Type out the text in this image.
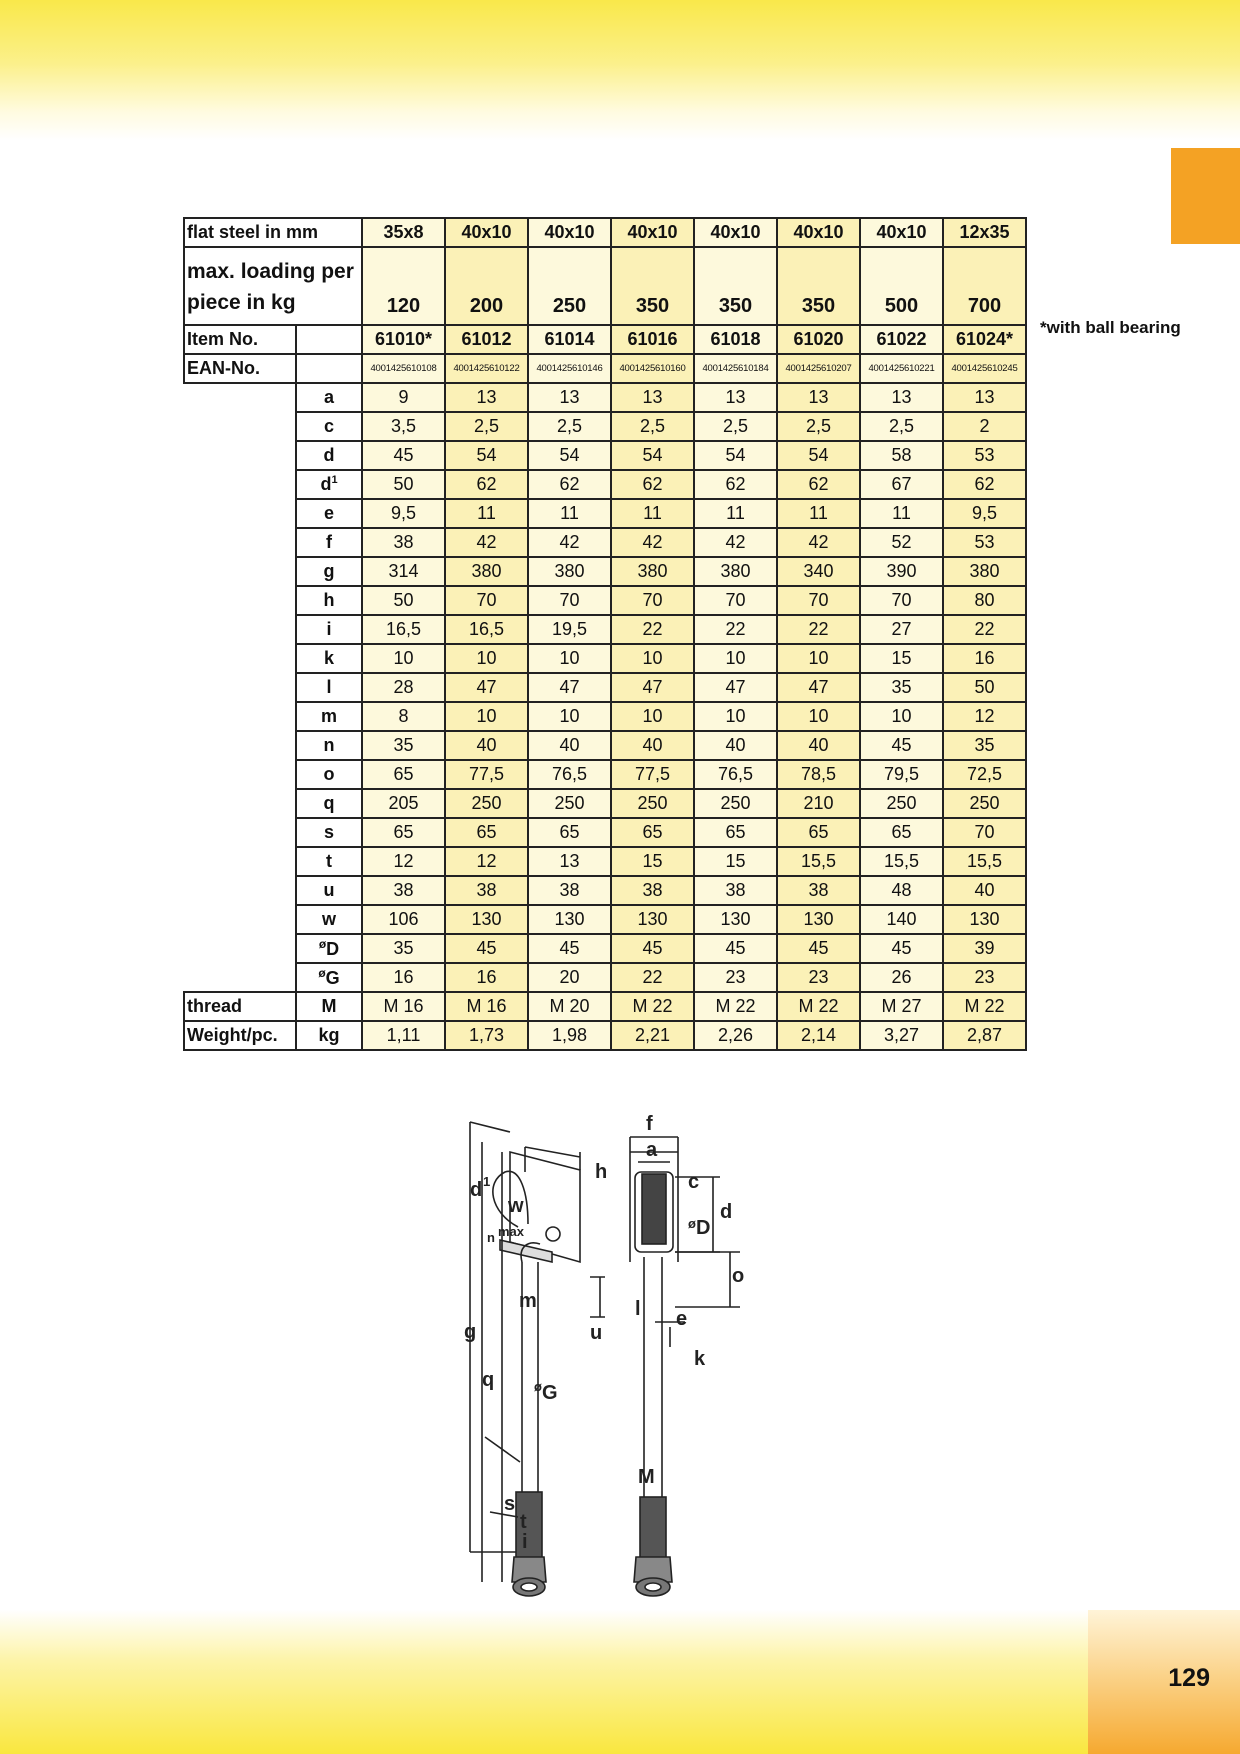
129
*with ball bearing
flat steel in mm		35x8	40x10	40x10	40x10	40x10	40x10	40x10	12x35
max. loading per piece in kg		120	200	250	350	350	350	500	700
Item No.		61010*	61012	61014	61016	61018	61020	61022	61024*
EAN-No.		4001425610108	4001425610122	4001425610146	4001425610160	4001425610184	4001425610207	4001425610221	4001425610245
	a	9	13	13	13	13	13	13	13
	c	3,5	2,5	2,5	2,5	2,5	2,5	2,5	2
	d	45	54	54	54	54	54	58	53
	$d^1$	50	62	62	62	62	62	67	62
	e	9,5	11	11	11	11	11	11	9,5
	f	38	42	42	42	42	42	52	53
	g	314	380	380	380	380	340	390	380
	h	50	70	70	70	70	70	70	80
	i	16,5	16,5	19,5	22	22	22	27	22
	k	10	10	10	10	10	10	15	16
	l	28	47	47	47	47	47	35	50
	m	8	10	10	10	10	10	10	12
	n	35	40	40	40	40	40	45	35
	o	65	77,5	76,5	77,5	76,5	78,5	79,5	72,5
	q	205	250	250	250	250	210	250	250
	s	65	65	65	65	65	65	65	70
	t	12	12	13	15	15	15,5	15,5	15,5
	u	38	38	38	38	38	38	48	40
	w	106	130	130	130	130	130	140	130
	$^ø$D	35	45	45	45	45	45	45	39
	$^ø$G	16	16	20	22	23	23	26	23
thread	M	M 16	M 16	M 20	M 22	M 22	M 22	M 27	M 22
Weight/pc.	kg	1,11	1,73	1,98	2,21	2,26	2,14	3,27	2,87
f
a
c
d
ø D
o
e
k
M
d 1
w
n max
h
m	l
u
g
q	ø G
s
t
i
